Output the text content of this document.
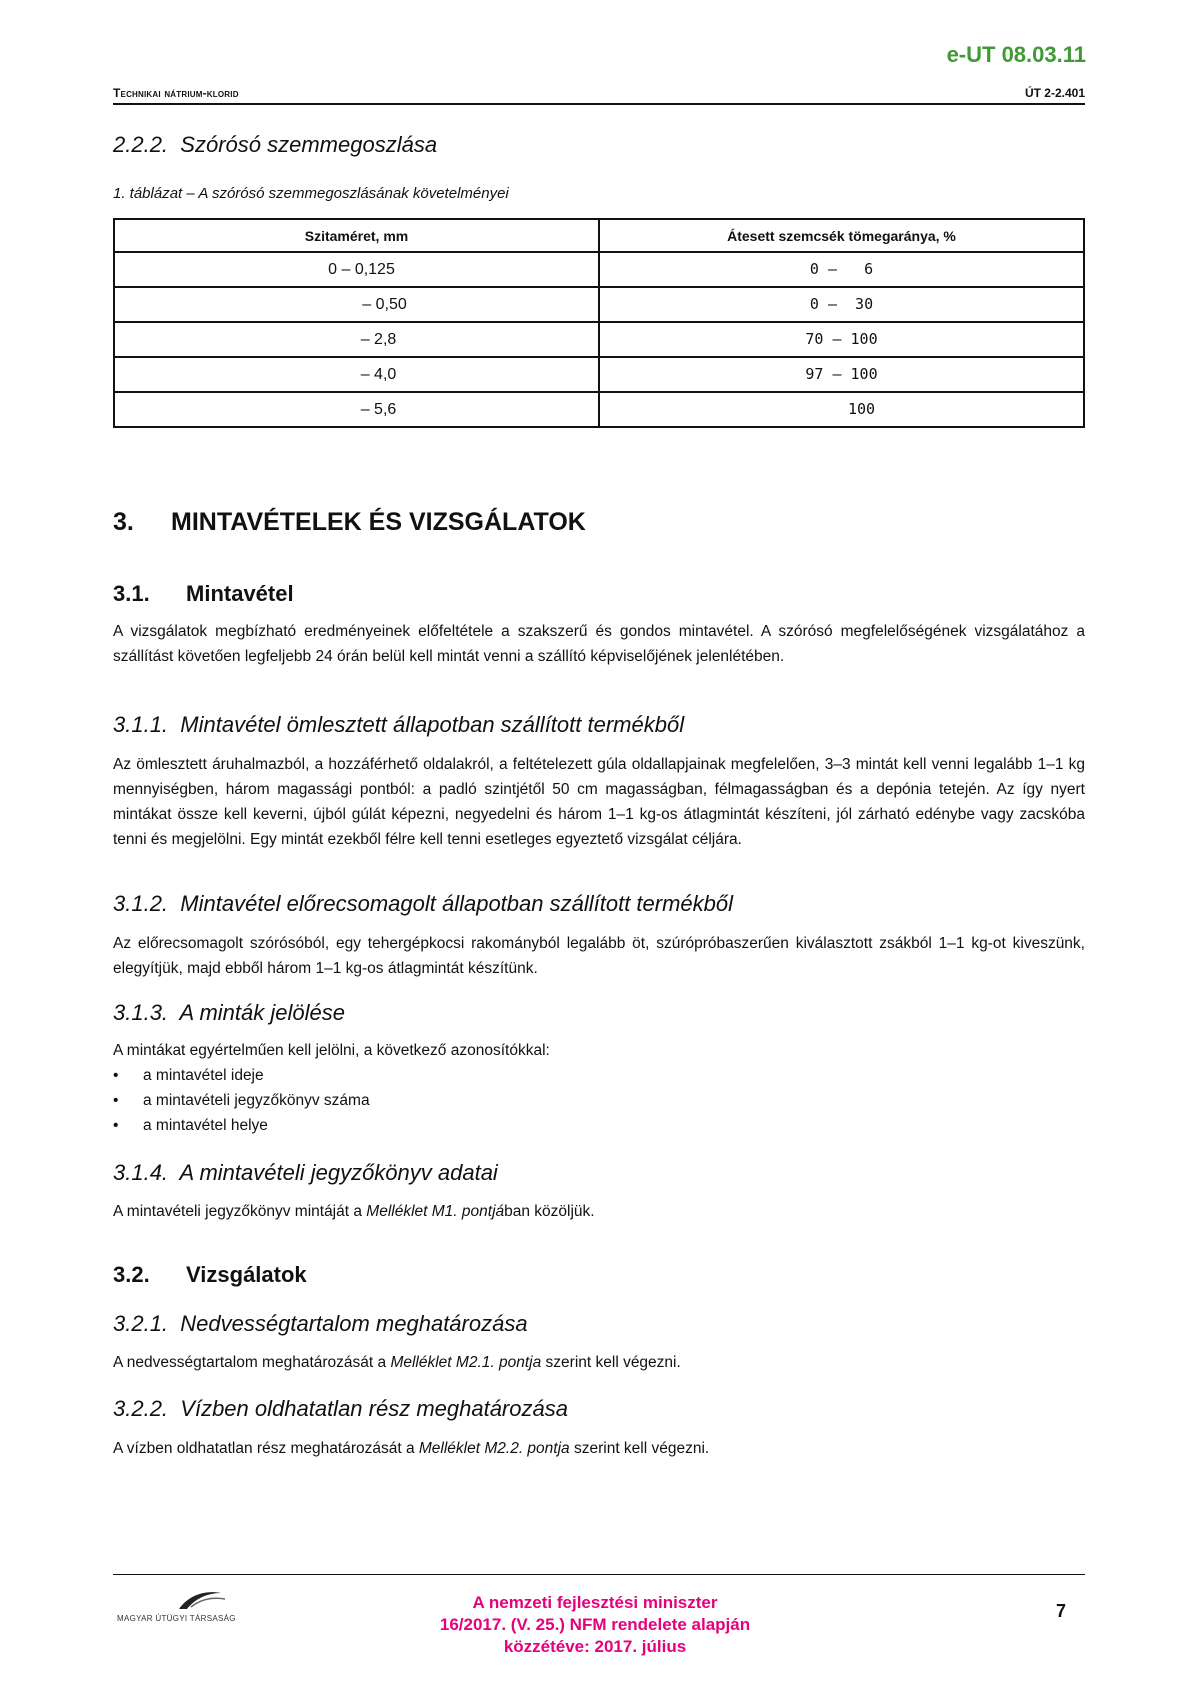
e-UT 08.03.11
Technikai nátrium-klorid	ÚT 2-2.401
2.2.2. Szórósó szemmegoszlása

1. táblázat – A szórósó szemmegoszlásának követelményei

Szitaméret, mm	Átesett szemcsék tömegaránya, %
0 – 0,125	0 –   6
– 0,50	0 –  30
– 2,8	70 – 100
– 4,0	97 – 100
– 5,6	100
3.	MINTAVÉTELEK ÉS VIZSGÁLATOK
3.1.	Mintavétel

A vizsgálatok megbízható eredményeinek előfeltétele a szakszerű és gondos mintavétel. A szórósó megfelelőségének vizsgálatához a szállítást követően legfeljebb 24 órán belül kell mintát venni a szállító képviselőjének jelenlétében.

3.1.1. Mintavétel ömlesztett állapotban szállított termékből

Az ömlesztett áruhalmazból, a hozzáférhető oldalakról, a feltételezett gúla oldallapjainak megfelelően, 3–3 mintát kell venni legalább 1–1 kg mennyiségben, három magassági pontból: a padló szintjétől 50 cm magasságban, félmagasságban és a depónia tetején. Az így nyert mintákat össze kell keverni, újból gúlát képezni, negyedelni és három 1–1 kg-os átlagmintát készíteni, jól zárható edénybe vagy zacskóba tenni és megjelölni. Egy mintát ezekből félre kell tenni esetleges egyeztető vizsgálat céljára.

3.1.2. Mintavétel előrecsomagolt állapotban szállított termékből

Az előrecsomagolt szórósóból, egy tehergépkocsi rakományból legalább öt, szúrópróbaszerűen kiválasztott zsákból 1–1 kg-ot kiveszünk, elegyítjük, majd ebből három 1–1 kg-os átlagmintát készítünk.

3.1.3. A minták jelölése

A mintákat egyértelműen kell jelölni, a következő azonosítókkal:

•	a mintavétel ideje
•	a mintavételi jegyzőkönyv száma
•	a mintavétel helye
3.1.4. A mintavételi jegyzőkönyv adatai

A mintavételi jegyzőkönyv mintáját a Melléklet M1. pontjában közöljük.

3.2.	Vizsgálatok
3.2.1. Nedvességtartalom meghatározása

A nedvességtartalom meghatározását a Melléklet M2.1. pontja szerint kell végezni.

3.2.2. Vízben oldhatatlan rész meghatározása

A vízben oldhatatlan rész meghatározását a Melléklet M2.2. pontja szerint kell végezni.

MAGYAR ÚTÜGYI TÁRSASÁG
A nemzeti fejlesztési miniszter
16/2017. (V. 25.) NFM rendelete alapján
közzétéve: 2017. július
7
